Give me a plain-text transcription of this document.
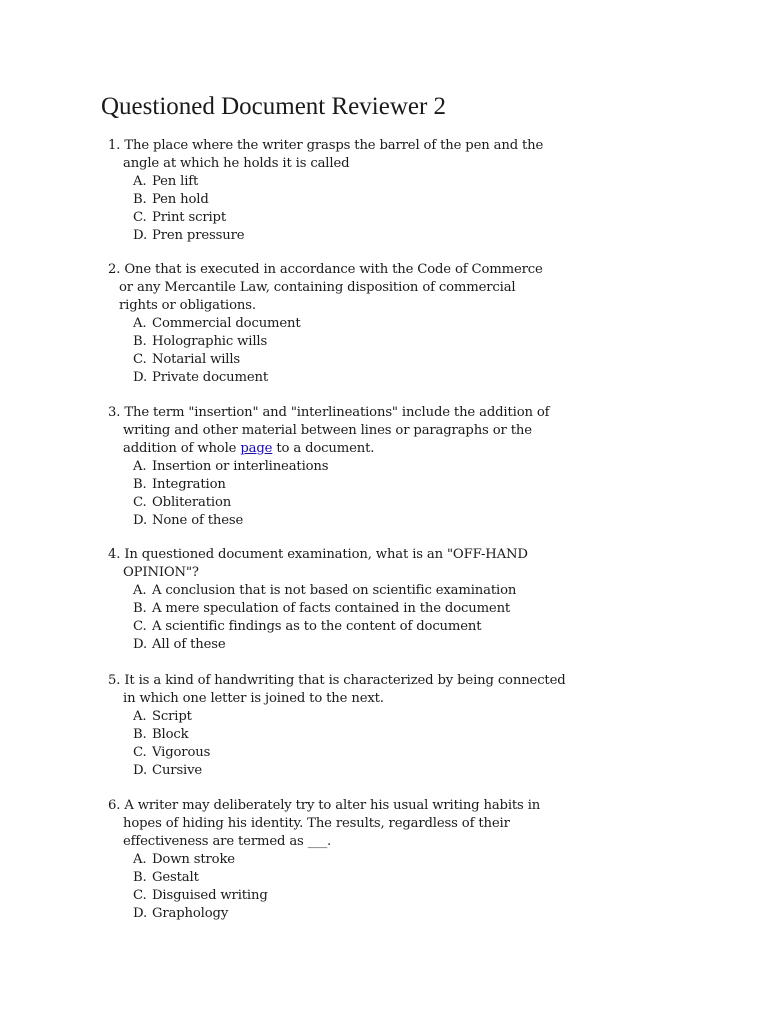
Questioned Document Reviewer 2
1. The place where the writer grasps the barrel of the pen and the
angle at which he holds it is called
A. Pen lift
B. Pen hold
C. Print script
D. Pren pressure
2. One that is executed in accordance with the Code of Commerce
or any Mercantile Law, containing disposition of commercial
rights or obligations.
A. Commercial document
B. Holographic wills
C. Notarial wills
D. Private document
3. The term "insertion" and "interlineations" include the addition of
writing and other material between lines or paragraphs or the
addition of whole page to a document.
A. Insertion or interlineations
B. Integration
C. Obliteration
D. None of these
4. In questioned document examination, what is an "OFF-HAND
OPINION"?
A. A conclusion that is not based on scientific examination
B. A mere speculation of facts contained in the document
C. A scientific findings as to the content of document
D. All of these
5. It is a kind of handwriting that is characterized by being connected
in which one letter is joined to the next.
A. Script
B. Block
C. Vigorous
D. Cursive
6. A writer may deliberately try to alter his usual writing habits in
hopes of hiding his identity. The results, regardless of their
effectiveness are termed as ___.
A. Down stroke
B. Gestalt
C. Disguised writing
D. Graphology
